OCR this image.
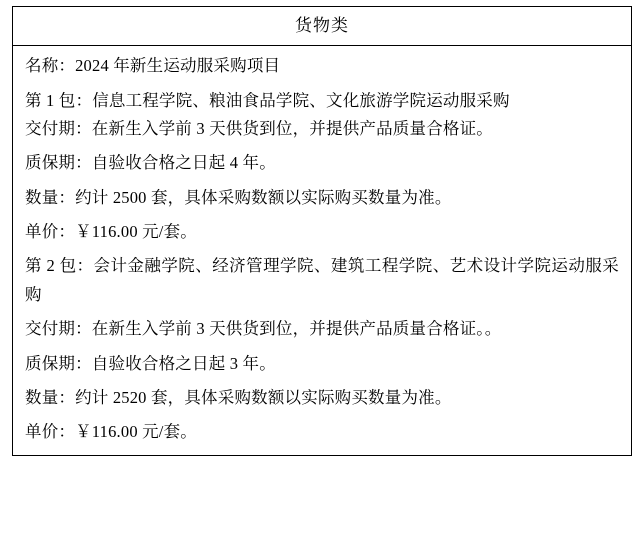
货物类

名称：2024 年新生运动服采购项目

第 1 包：信息工程学院、粮油食品学院、文化旅游学院运动服采购

交付期：在新生入学前 3 天供货到位，并提供产品质量合格证。

质保期：自验收合格之日起 4 年。

数量：约计 2500 套，具体采购数额以实际购买数量为准。

单价：￥116.00 元/套。

第 2 包：会计金融学院、经济管理学院、建筑工程学院、艺术设计学院运动服采购

交付期：在新生入学前 3 天供货到位，并提供产品质量合格证。。

质保期：自验收合格之日起 3 年。

数量：约计 2520 套，具体采购数额以实际购买数量为准。

单价：￥116.00 元/套。
